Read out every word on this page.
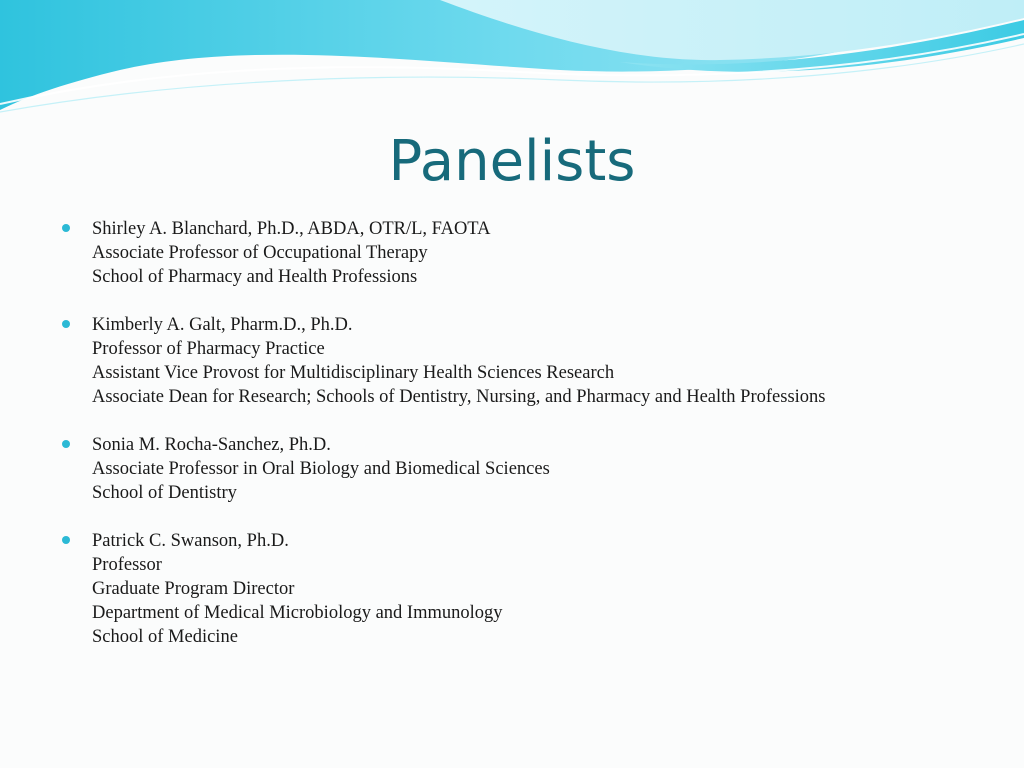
Panelists
Shirley A. Blanchard, Ph.D., ABDA, OTR/L, FAOTA
Associate Professor of Occupational Therapy
School of Pharmacy and Health Professions
Kimberly A. Galt, Pharm.D., Ph.D.
Professor of Pharmacy Practice
Assistant Vice Provost for Multidisciplinary Health Sciences Research
Associate Dean for Research; Schools of Dentistry, Nursing, and Pharmacy and Health Professions
Sonia M. Rocha-Sanchez, Ph.D.
Associate Professor in Oral Biology and Biomedical Sciences
School of Dentistry
Patrick C. Swanson, Ph.D.
Professor
Graduate Program Director
Department of Medical Microbiology and Immunology
School of Medicine
